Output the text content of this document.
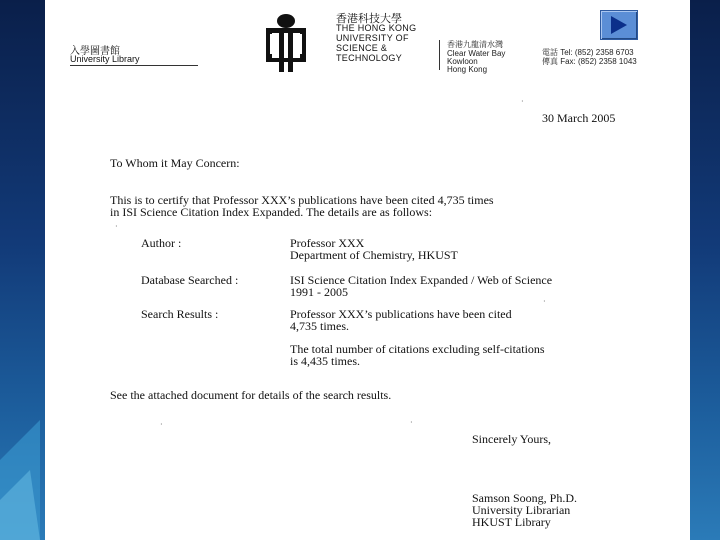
入學圖書館
University Library
香港科技大學
THE HONG KONG
UNIVERSITY OF
SCIENCE &
TECHNOLOGY
香港九龍清水灣
Clear Water Bay
Kowloon
Hong Kong
電話 Tel: (852) 2358 6703
傳真 Fax: (852) 2358 1043
·
·
·	·
·
30 March 2005
To Whom it May Concern:
This is to certify that Professor XXX’s publications have been cited 4,735 times
in ISI Science Citation Index Expanded. The details are as follows:
Author :	Professor XXX
Department of Chemistry, HKUST
Database Searched :	ISI Science Citation Index Expanded / Web of Science
1991 - 2005
Search Results :	Professor XXX’s publications have been cited
4,735 times.
The total number of citations excluding self-citations
is 4,435 times.
See the attached document for details of the search results.
Sincerely Yours,
Samson Soong, Ph.D.
University Librarian
HKUST Library
